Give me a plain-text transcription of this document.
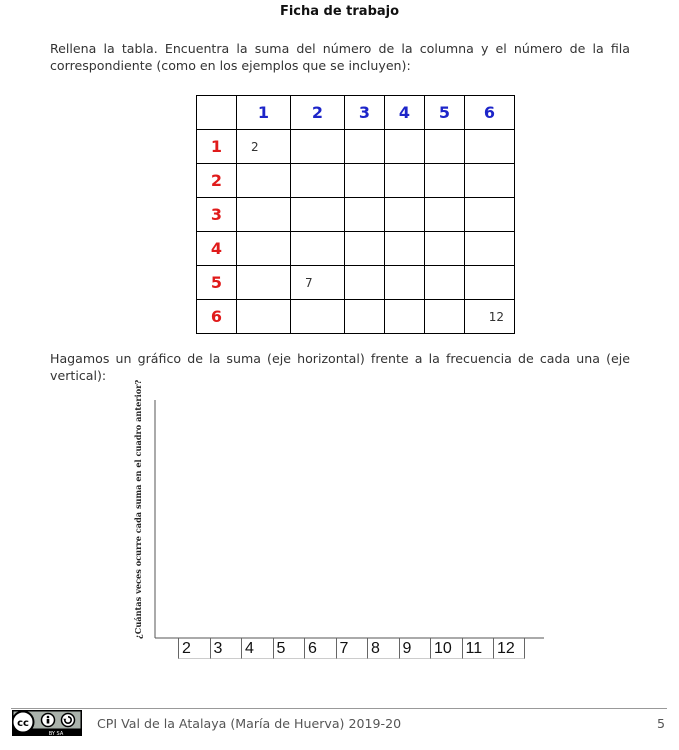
Ficha de trabajo

Rellena la tabla. Encuentra la suma del número de la columna y el número de la fila correspondiente (como en los ejemplos que se incluyen):

	1	2	3	4	5	6
1	2					
2						
3						
4						
5		7				
6						12

Hagamos un gráfico de la suma (eje horizontal) frente a la frecuencia de cada una (eje vertical):

¿Cuántas veces ocurre cada suma en el cuadro anterior?
2	3	4	5	6	7	8	9	10 11 12
cc
BY SA
CPI Val de la Atalaya (María de Huerva) 2019-20	5
